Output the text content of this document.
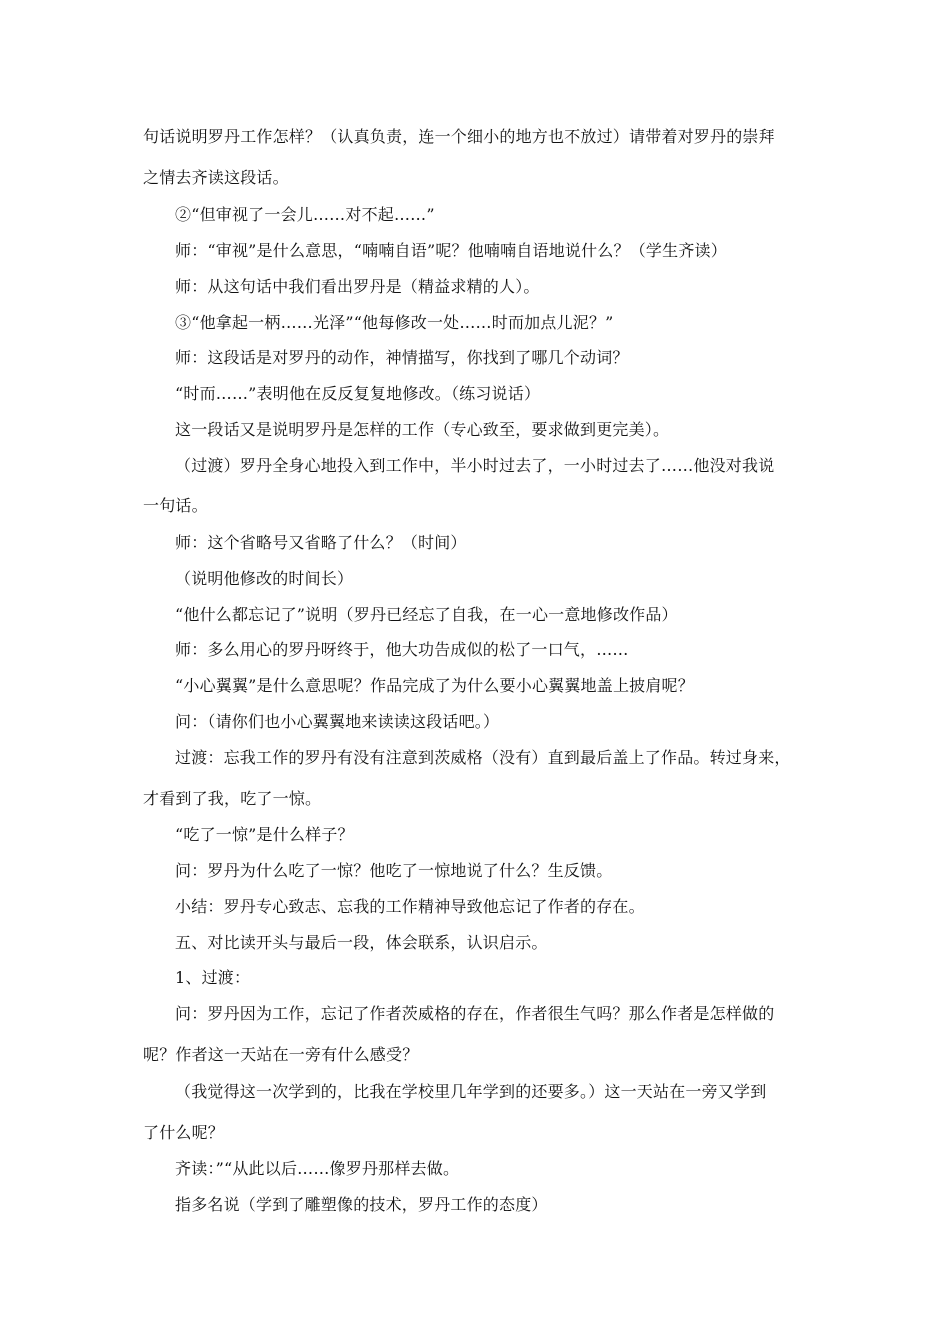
句话说明罗丹工作怎样？（认真负责，连一个细小的地方也不放过）请带着对罗丹的崇拜
之情去齐读这段话。
②“但审视了一会儿……对不起……”
师：“审视”是什么意思，“喃喃自语”呢？他喃喃自语地说什么？（学生齐读）
师：从这句话中我们看出罗丹是（精益求精的人）。
③“他拿起一柄……光泽”“他每修改一处……时而加点儿泥？”
师：这段话是对罗丹的动作，神情描写，你找到了哪几个动词？
“时而……”表明他在反反复复地修改。（练习说话）
这一段话又是说明罗丹是怎样的工作（专心致至，要求做到更完美）。
（过渡）罗丹全身心地投入到工作中，半小时过去了，一小时过去了……他没对我说
一句话。
师：这个省略号又省略了什么？（时间）
（说明他修改的时间长）
“他什么都忘记了”说明（罗丹已经忘了自我，在一心一意地修改作品）
师：多么用心的罗丹呀终于，他大功告成似的松了一口气，……
“小心翼翼”是什么意思呢？作品完成了为什么要小心翼翼地盖上披肩呢？
问：（请你们也小心翼翼地来读读这段话吧。）
过渡：忘我工作的罗丹有没有注意到茨威格（没有）直到最后盖上了作品。转过身来，
才看到了我，吃了一惊。
“吃了一惊”是什么样子？
问：罗丹为什么吃了一惊？他吃了一惊地说了什么？生反馈。
小结：罗丹专心致志、忘我的工作精神导致他忘记了作者的存在。
五、对比读开头与最后一段，体会联系，认识启示。
1、过渡：
问：罗丹因为工作，忘记了作者茨威格的存在，作者很生气吗？那么作者是怎样做的
呢？作者这一天站在一旁有什么感受？
（我觉得这一次学到的，比我在学校里几年学到的还要多。）这一天站在一旁又学到
了什么呢？
齐读：”“从此以后……像罗丹那样去做。
指多名说（学到了雕塑像的技术，罗丹工作的态度）
